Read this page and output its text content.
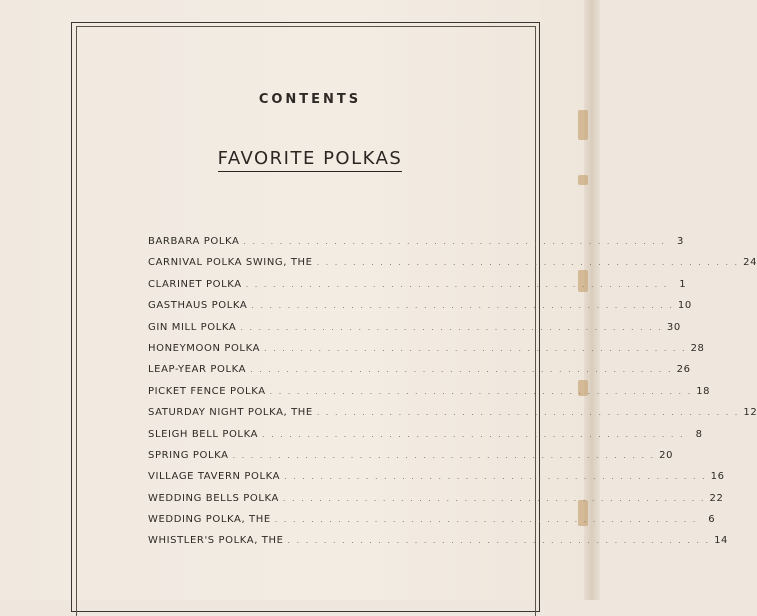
CONTENTS
FAVORITE POLKAS
BARBARA POLKA . . . . . . . . . . . . . . . . . . . . . . . . . . . . . . . . . . . . . . . . . . . . . . .	3
CARNIVAL POLKA SWING, THE . . . . . . . . . . . . . . . . . . . . . . . . . . . . . . . . . . . . . . . . . . . . . . . 24
CLARINET POLKA . . . . . . . . . . . . . . . . . . . . . . . . . . . . . . . . . . . . . . . . . . . . . . .	1
GASTHAUS POLKA . . . . . . . . . . . . . . . . . . . . . . . . . . . . . . . . . . . . . . . . . . . . . . . 10
GIN MILL POLKA . . . . . . . . . . . . . . . . . . . . . . . . . . . . . . . . . . . . . . . . . . . . . . . 30
HONEYMOON POLKA . . . . . . . . . . . . . . . . . . . . . . . . . . . . . . . . . . . . . . . . . . . . . . . 28
LEAP-YEAR POLKA . . . . . . . . . . . . . . . . . . . . . . . . . . . . . . . . . . . . . . . . . . . . . . . 26
PICKET FENCE POLKA . . . . . . . . . . . . . . . . . . . . . . . . . . . . . . . . . . . . . . . . . . . . . . . 18
SATURDAY NIGHT POLKA, THE . . . . . . . . . . . . . . . . . . . . . . . . . . . . . . . . . . . . . . . . . . . . . . . 12
SLEIGH BELL POLKA . . . . . . . . . . . . . . . . . . . . . . . . . . . . . . . . . . . . . . . . . . . . . . .	8
SPRING POLKA . . . . . . . . . . . . . . . . . . . . . . . . . . . . . . . . . . . . . . . . . . . . . . . 20
VILLAGE TAVERN POLKA . . . . . . . . . . . . . . . . . . . . . . . . . . . . . . . . . . . . . . . . . . . . . . . 16
WEDDING BELLS POLKA . . . . . . . . . . . . . . . . . . . . . . . . . . . . . . . . . . . . . . . . . . . . . . . 22
WEDDING POLKA, THE . . . . . . . . . . . . . . . . . . . . . . . . . . . . . . . . . . . . . . . . . . . . . . .	6
WHISTLER'S POLKA, THE . . . . . . . . . . . . . . . . . . . . . . . . . . . . . . . . . . . . . . . . . . . . . . . 14
